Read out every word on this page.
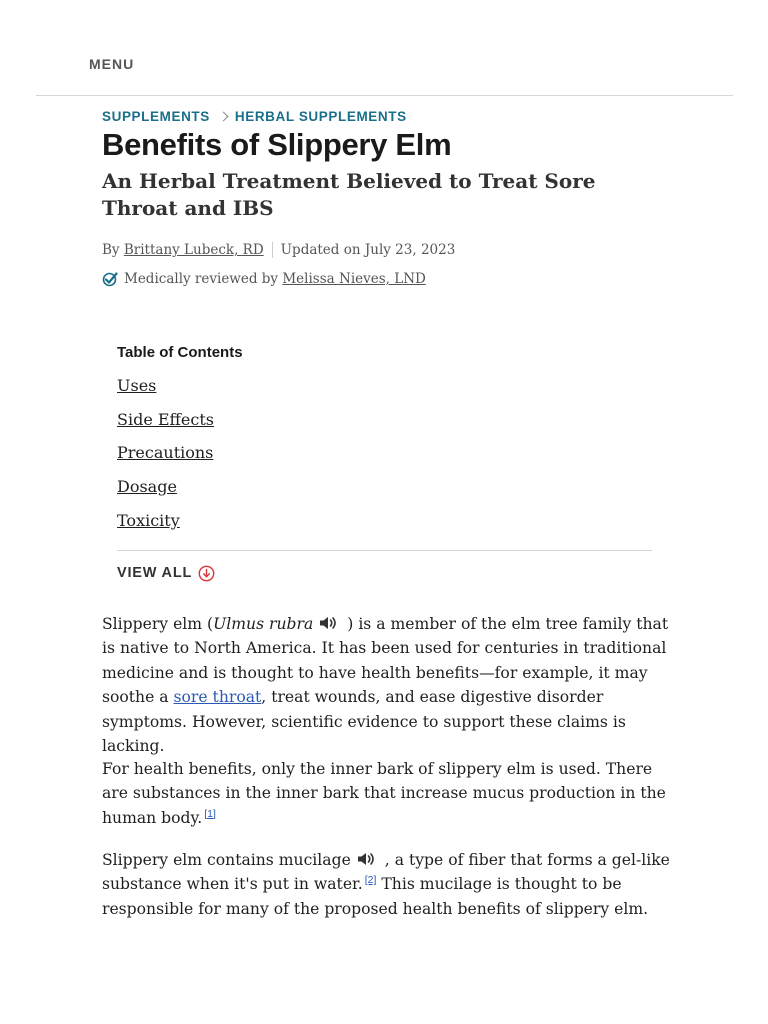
MENU
SUPPLEMENTS HERBAL SUPPLEMENTS
Benefits of Slippery Elm
An Herbal Treatment Believed to Treat Sore Throat and IBS
By
Brittany Lubeck, RD Updated on July 23, 2023
Medically reviewed by
Melissa Nieves, LND
Table of Contents
Uses
Side Effects
Precautions
Dosage
Toxicity
VIEW ALL

Slippery elm (Ulmus rubra ) is a member of the elm tree family that is native to North America. It has been used for centuries in traditional medicine and is thought to have health benefits—for example, it may soothe a sore throat, treat wounds, and ease digestive disorder symptoms. However, scientific evidence to support these claims is lacking.

For health benefits, only the inner bark of slippery elm is used. There are substances in the inner bark that increase mucus production in the human body. [1]

Slippery elm contains mucilage , a type of fiber that forms a gel-like substance when it's put in water. [2] This mucilage is thought to be responsible for many of the proposed health benefits of slippery elm.
